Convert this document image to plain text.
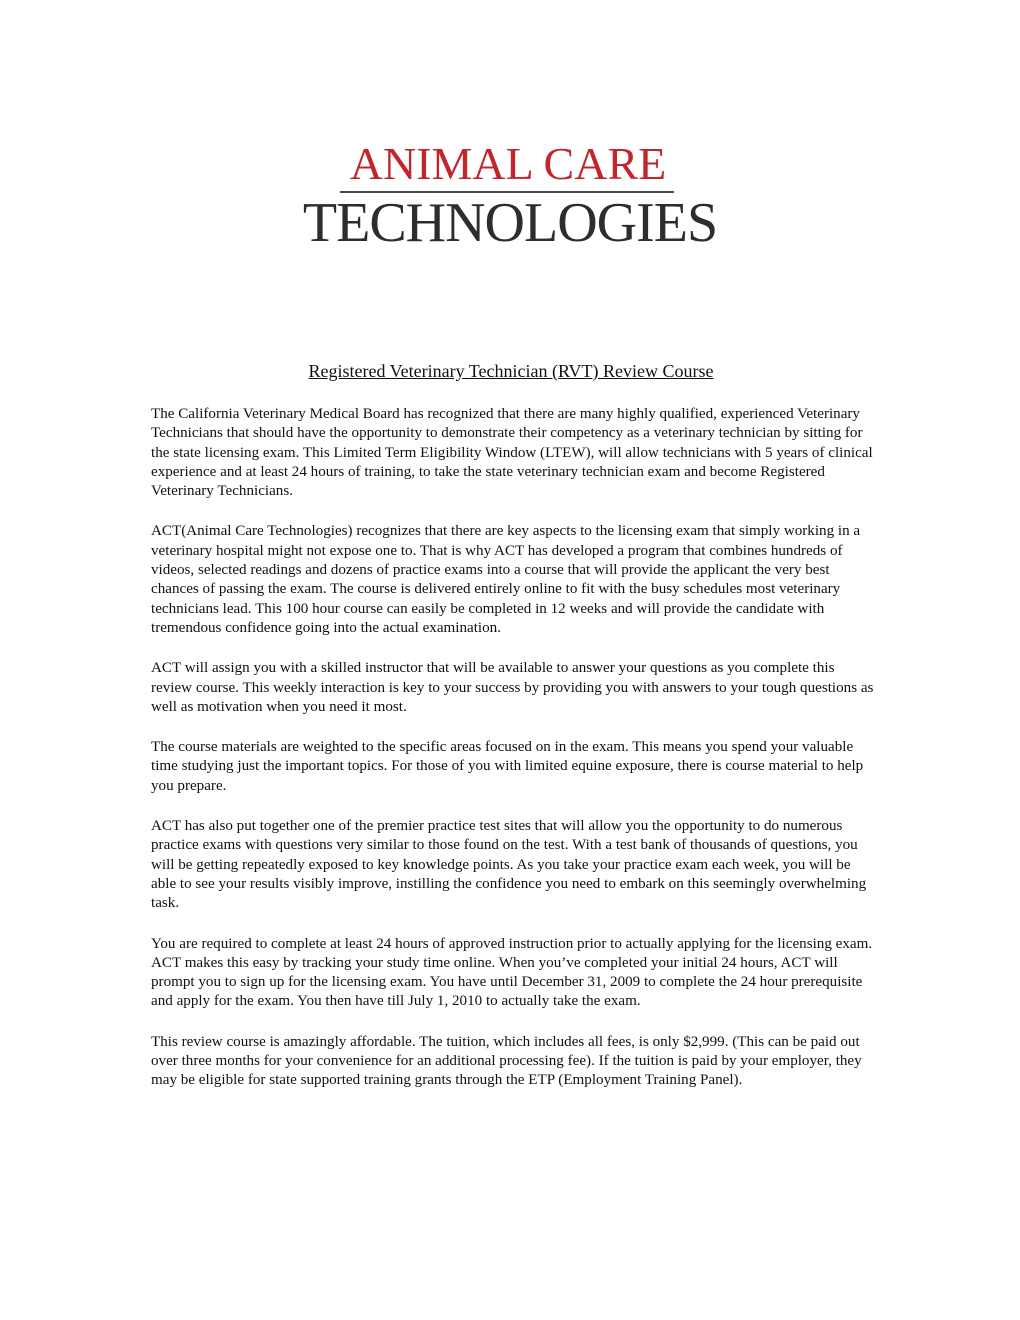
ANIMAL CARE
TECHNOLOGIES
Registered Veterinary Technician (RVT) Review Course

The California Veterinary Medical Board has recognized that there are many highly qualified, experienced Veterinary Technicians that should have the opportunity to demonstrate their competency as a veterinary technician by sitting for the state licensing exam. This Limited Term Eligibility Window (LTEW), will allow technicians with 5 years of clinical experience and at least 24 hours of training, to take the state veterinary technician exam and become Registered Veterinary Technicians.

ACT(Animal Care Technologies) recognizes that there are key aspects to the licensing exam that simply working in a veterinary hospital might not expose one to. That is why ACT has developed a program that combines hundreds of videos, selected readings and dozens of practice exams into a course that will provide the applicant the very best chances of passing the exam. The course is delivered entirely online to fit with the busy schedules most veterinary technicians lead. This 100 hour course can easily be completed in 12 weeks and will provide the candidate with tremendous confidence going into the actual examination.

ACT will assign you with a skilled instructor that will be available to answer your questions as you complete this review course. This weekly interaction is key to your success by providing you with answers to your tough questions as well as motivation when you need it most.

The course materials are weighted to the specific areas focused on in the exam. This means you spend your valuable time studying just the important topics. For those of you with limited equine exposure, there is course material to help you prepare.

ACT has also put together one of the premier practice test sites that will allow you the opportunity to do numerous practice exams with questions very similar to those found on the test. With a test bank of thousands of questions, you will be getting repeatedly exposed to key knowledge points. As you take your practice exam each week, you will be able to see your results visibly improve, instilling the confidence you need to embark on this seemingly overwhelming task.

You are required to complete at least 24 hours of approved instruction prior to actually applying for the licensing exam. ACT makes this easy by tracking your study time online. When you’ve completed your initial 24 hours, ACT will prompt you to sign up for the licensing exam. You have until December 31, 2009 to complete the 24 hour prerequisite and apply for the exam. You then have till July 1, 2010 to actually take the exam.

This review course is amazingly affordable. The tuition, which includes all fees, is only $2,999. (This can be paid out over three months for your convenience for an additional processing fee). If the tuition is paid by your employer, they may be eligible for state supported training grants through the ETP (Employment Training Panel).
